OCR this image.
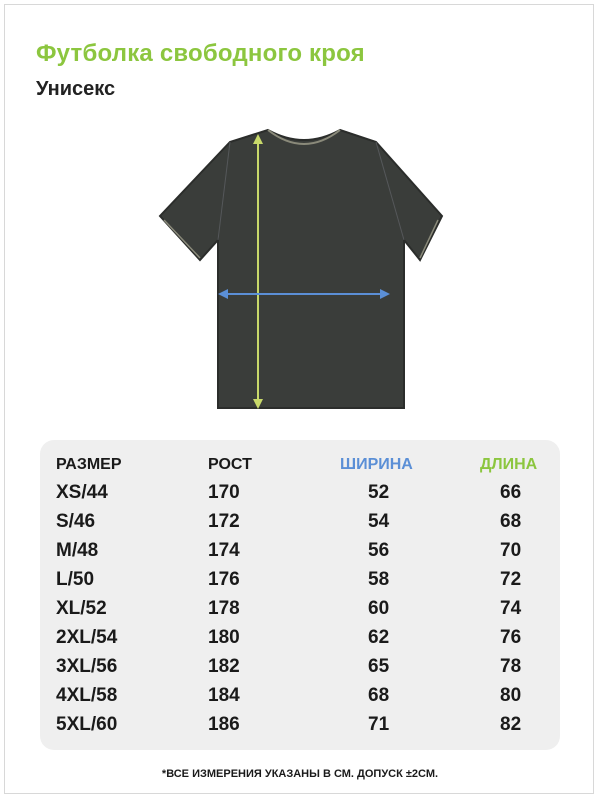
Футболка свободного кроя
Унисекс
РАЗМЕР	РОСТ	ШИРИНА	ДЛИНА
XS/44	170	52	66
S/46	172	54	68
M/48	174	56	70
L/50	176	58	72
XL/52	178	60	74
2XL/54	180	62	76
3XL/56	182	65	78
4XL/58	184	68	80
5XL/60	186	71	82
*ВСЕ ИЗМЕРЕНИЯ УКАЗАНЫ В СМ. ДОПУСК ±2СМ.
